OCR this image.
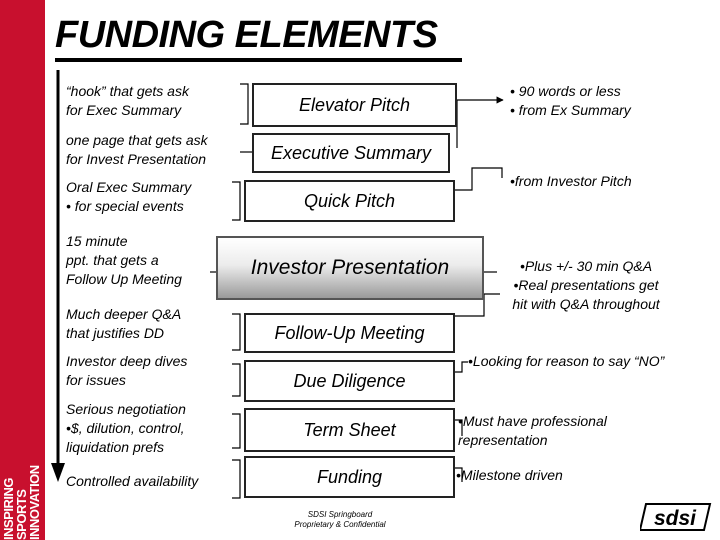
INSPIRING
SPORTS
INNOVATION
FUNDING ELEMENTS
Elevator Pitch
Executive Summary
Quick Pitch
Investor Presentation
Follow-Up Meeting
Due Diligence
Term Sheet
Funding
“hook” that gets ask
for Exec Summary
one page that gets ask
for Invest Presentation
Oral Exec Summary
• for special events
15 minute
ppt. that gets a
Follow Up Meeting
Much deeper Q&A
that justifies DD
Investor deep dives
for issues
Serious negotiation
•$, dilution, control,
liquidation prefs
Controlled availability
• 90 words or less
• from Ex Summary
•from Investor Pitch
•Plus +/- 30 min Q&A
•Real presentations get
hit with Q&A throughout
•Looking for reason to say “NO”
•Must have professional
representation
•Milestone driven
SDSI Springboard
Proprietary & Confidential	sdsi
